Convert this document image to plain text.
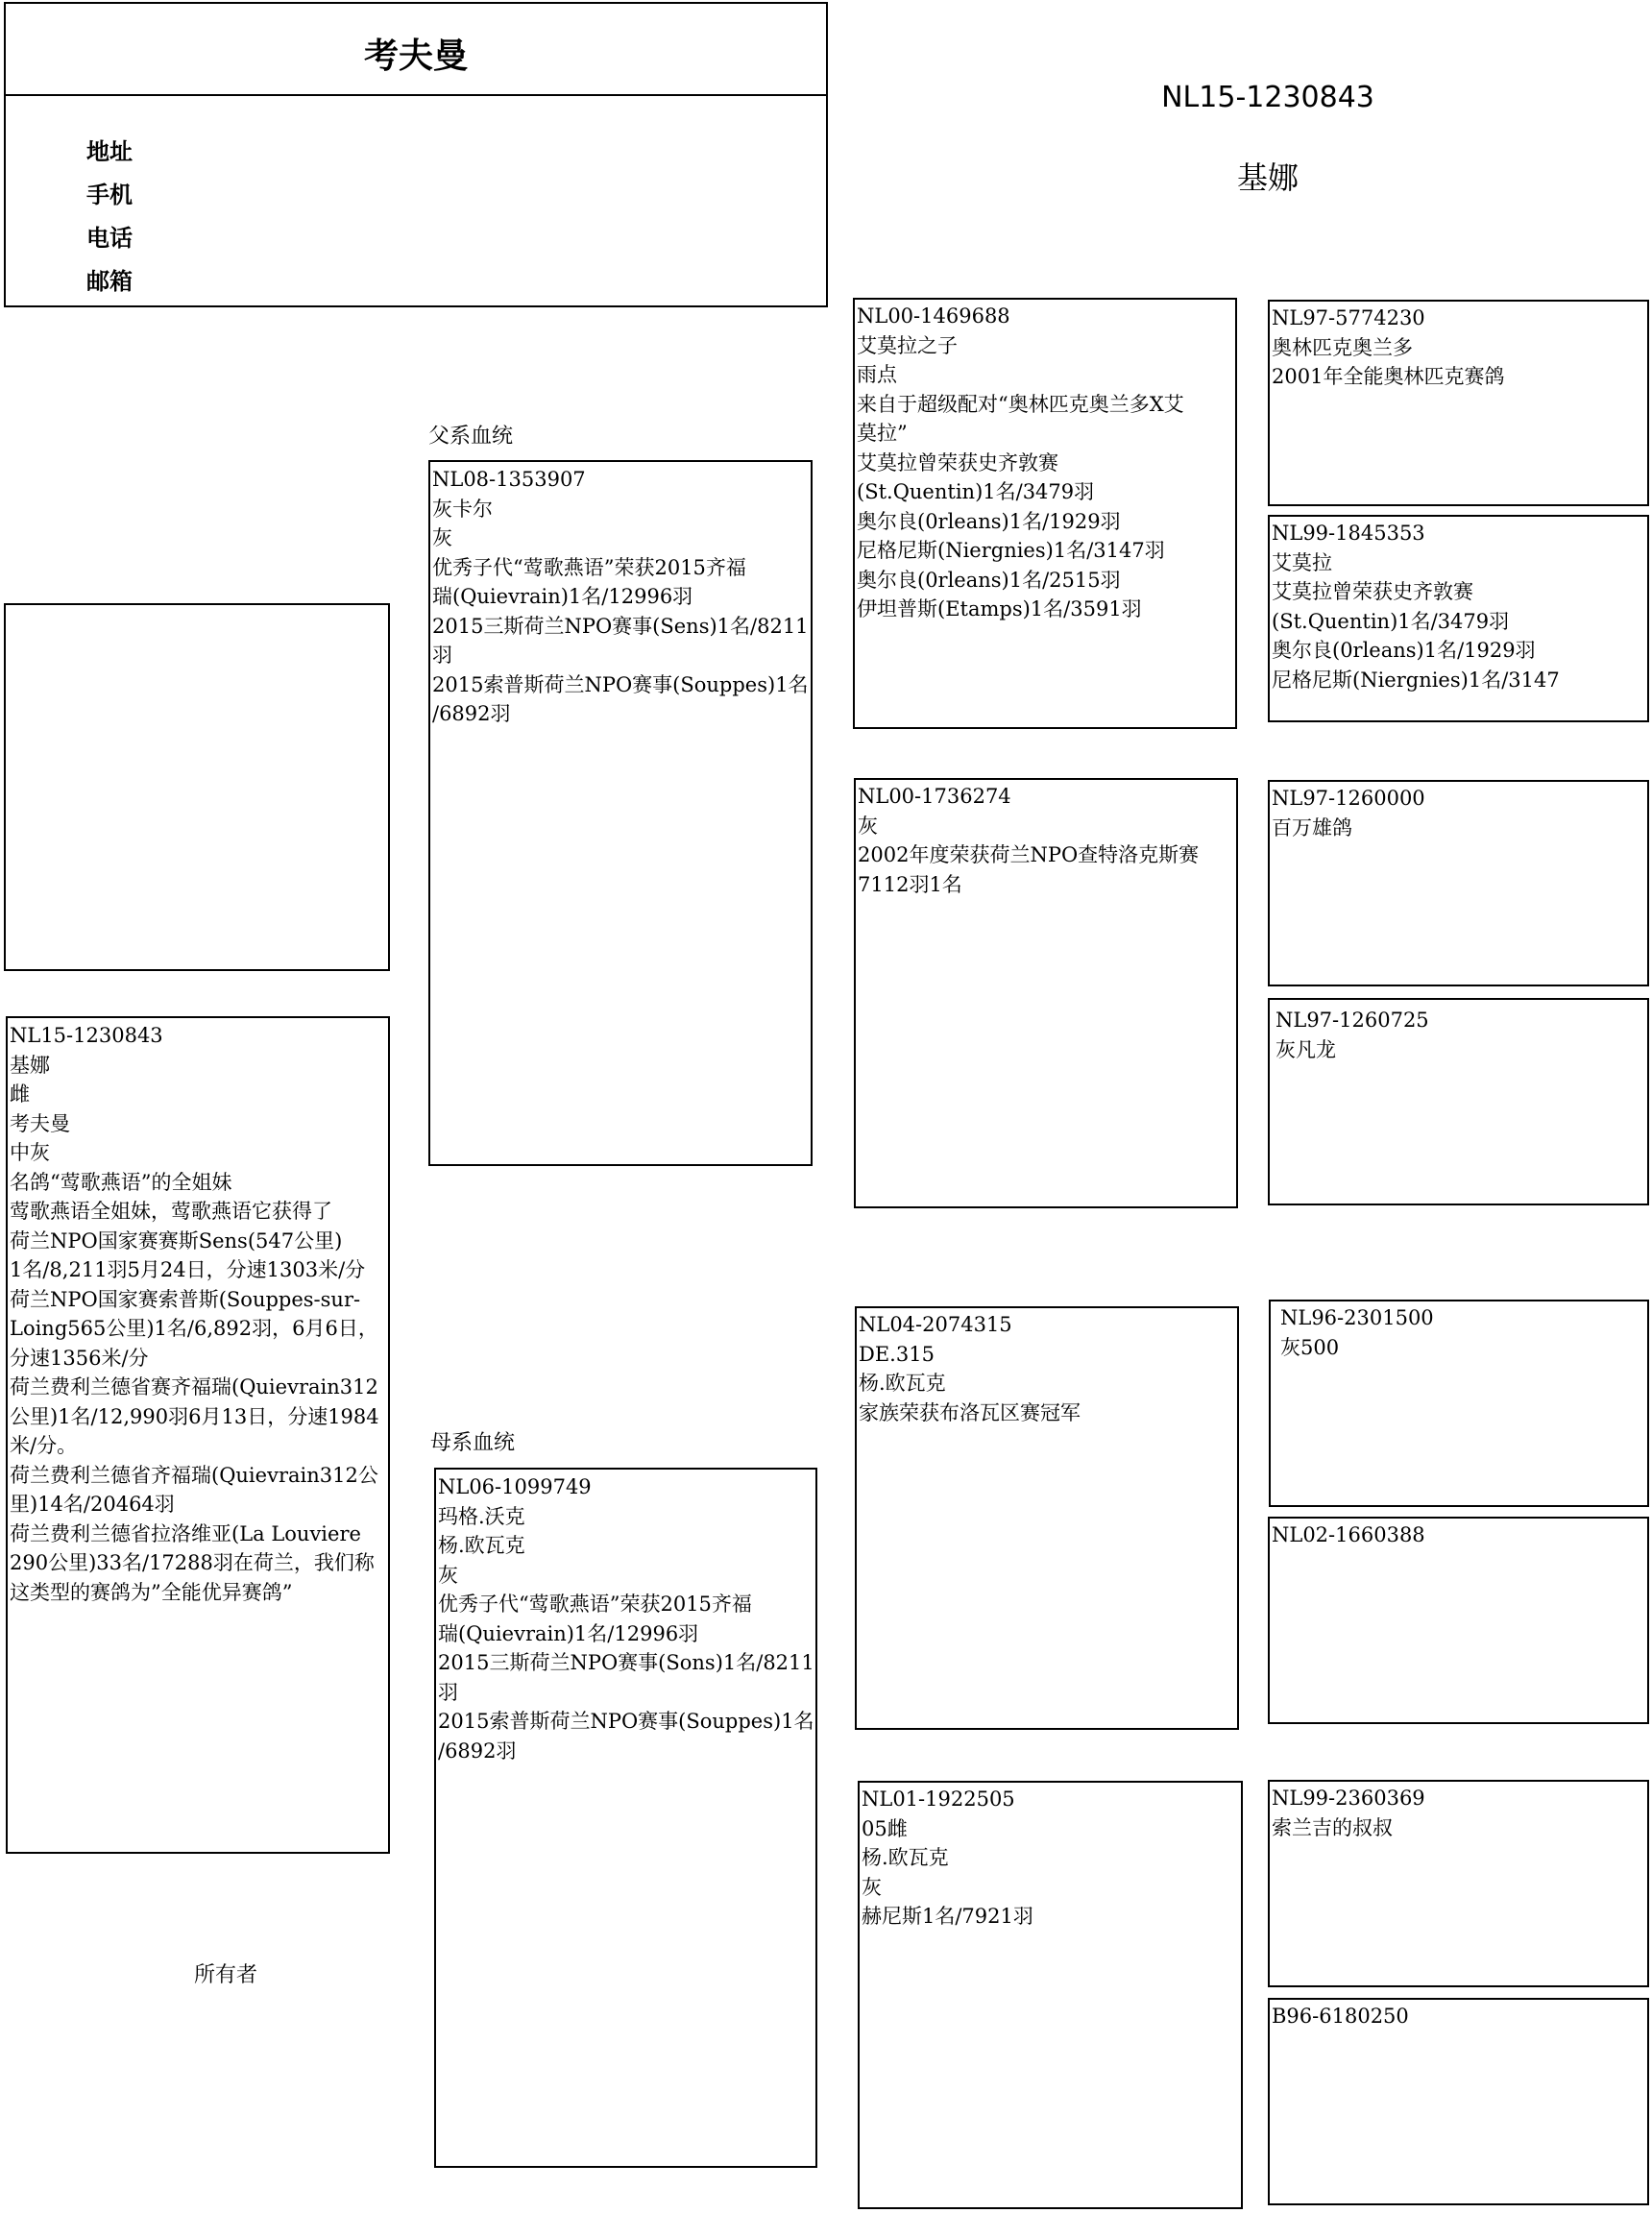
考夫曼
地址
手机
电话
邮箱
NL15-1230843
基娜
父系血统
母系血统
所有者
NL15-1230843
基娜
雌
考夫曼
中灰
名鸽“莺歌燕语”的全姐妹
莺歌燕语全姐妹，莺歌燕语它获得了
荷兰NPO国家赛赛斯Sens(547公里)
1名/8,211羽5月24日，分速1303米/分
荷兰NPO国家赛索普斯(Souppes-sur-
Loing565公里)1名/6,892羽，6月6日，
分速1356米/分
荷兰费利兰德省赛齐福瑞(Quievrain312
公里)1名/12,990羽6月13日，分速1984
米/分。
荷兰费利兰德省齐福瑞(Quievrain312公
里)14名/20464羽
荷兰费利兰德省拉洛维亚(La Louviere
290公里)33名/17288羽在荷兰，我们称
这类型的赛鸽为”全能优异赛鸽”
NL08-1353907
灰卡尔
灰
优秀子代“莺歌燕语”荣获2015齐福
瑞(Quievrain)1名/12996羽
2015三斯荷兰NPO赛事(Sens)1名/8211
羽
2015索普斯荷兰NPO赛事(Souppes)1名
/6892羽
NL06-1099749
玛格.沃克
杨.欧瓦克
灰
优秀子代“莺歌燕语”荣获2015齐福
瑞(Quievrain)1名/12996羽
2015三斯荷兰NPO赛事(Sons)1名/8211
羽
2015索普斯荷兰NPO赛事(Souppes)1名
/6892羽
NL00-1469688
艾莫拉之子
雨点
来自于超级配对“奥林匹克奥兰多X艾
莫拉”
艾莫拉曾荣获史齐敦赛
(St.Quentin)1名/3479羽
奥尔良(0rleans)1名/1929羽
尼格尼斯(Niergnies)1名/3147羽
奥尔良(0rleans)1名/2515羽
伊坦普斯(Etamps)1名/3591羽
NL00-1736274
灰
2002年度荣获荷兰NPO查特洛克斯赛
7112羽1名
NL04-2074315
DE.315
杨.欧瓦克
家族荣获布洛瓦区赛冠军
NL01-1922505
05雌
杨.欧瓦克
灰
赫尼斯1名/7921羽
NL97-5774230
奥林匹克奥兰多
2001年全能奥林匹克赛鸽
NL99-1845353
艾莫拉
艾莫拉曾荣获史齐敦赛
(St.Quentin)1名/3479羽
奥尔良(0rleans)1名/1929羽
尼格尼斯(Niergnies)1名/3147
NL97-1260000
百万雄鸽
NL97-1260725
灰凡龙
NL96-2301500
灰500
NL02-1660388
NL99-2360369
索兰吉的叔叔
B96-6180250
